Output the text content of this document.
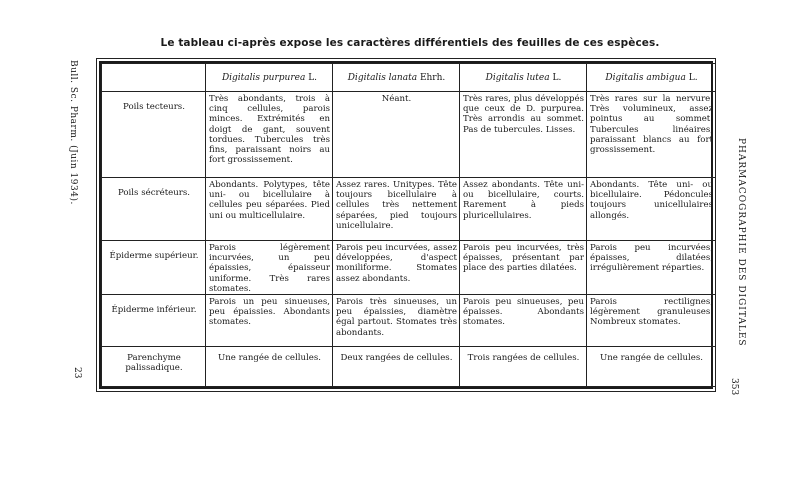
Le tableau ci-après expose les caractères différentiels des feuilles de ces espèces.
Bull. Sc. Pharm. (Juin 1934).
23
PHARMACOGRAPHIE DES DIGITALES
353
	Digitalis purpurea L.	Digitalis lanata Ehrh.	Digitalis lutea L.	Digitalis ambigua L.
Poils tecteurs.	Très abondants, trois à cinq cellules, parois minces. Extrémités en doigt de gant, souvent tordues. Tubercules très fins, paraissant noirs au fort grossissement.	Néant.	Très rares, plus développés que ceux de D. purpurea. Très arrondis au sommet. Pas de tubercules. Lisses.	Très rares sur la nervure. Très volumineux, assez pointus au sommet. Tubercules linéaires, paraissant blancs au fort grossissement.
Poils sécréteurs.	Abondants. Polytypes, tête uni- ou bicellulaire à cellules peu séparées. Pied uni ou multicellulaire.	Assez rares. Unitypes. Tête toujours bicellulaire à cellules très nettement séparées, pied toujours unicellulaire.	Assez abondants. Tête uni- ou bicellulaire, courts. Rarement à pieds pluricellulaires.	Abondants. Tête uni- ou bicellulaire. Pédoncules toujours unicellulaires allongés.
Épiderme supérieur.	Parois légèrement incurvées, un peu épaissies, épaisseur uniforme. Très rares stomates.	Parois peu incurvées, assez développées, d'aspect moniliforme. Stomates assez abondants.	Parois peu incurvées, très épaisses, présentant par place des parties dilatées.	Parois peu incurvées, épaisses, dilatées, irrégulièrement réparties.
Épiderme inférieur.	Parois un peu sinueuses, peu épaissies. Abondants stomates.	Parois très sinueuses, un peu épaissies, diamètre égal partout. Stomates très abondants.	Parois peu sinueuses, peu épaisses. Abondants stomates.	Parois rectilignes, légèrement granuleuses. Nombreux stomates.
Parenchyme palissadique.	Une rangée de cellules.	Deux rangées de cellules.	Trois rangées de cellules.	Une rangée de cellules.
